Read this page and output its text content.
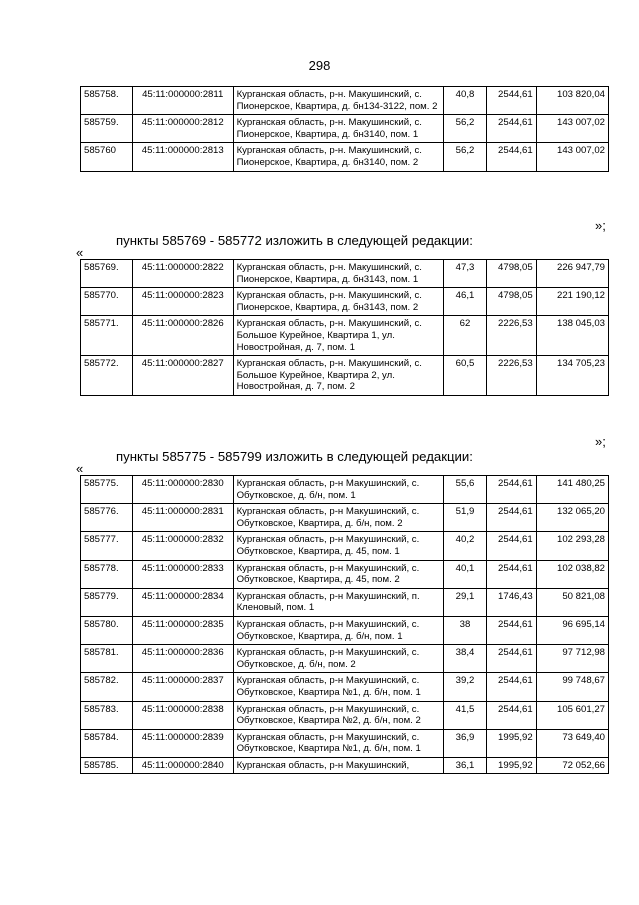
298
585758.	45:11:000000:2811	Курганская область, р-н. Макушинский, с. Пионерское, Квартира, д. бн134-3122, пом. 2	40,8	2544,61	103 820,04
585759.	45:11:000000:2812	Курганская область, р-н. Макушинский, с. Пионерское, Квартира, д. бн3140, пом. 1	56,2	2544,61	143 007,02
585760	45:11:000000:2813	Курганская область, р-н. Макушинский, с. Пионерское, Квартира, д. бн3140, пом. 2	56,2	2544,61	143 007,02
»;
пункты 585769 - 585772 изложить в следующей редакции:
«
585769.	45:11:000000:2822	Курганская область, р-н. Макушинский, с. Пионерское, Квартира, д. бн3143, пом. 1	47,3	4798,05	226 947,79
585770.	45:11:000000:2823	Курганская область, р-н. Макушинский, с. Пионерское, Квартира, д. бн3143, пом. 2	46,1	4798,05	221 190,12
585771.	45:11:000000:2826	Курганская область, р-н. Макушинский, с. Большое Курейное, Квартира 1, ул. Новостройная, д. 7, пом. 1	62	2226,53	138 045,03
585772.	45:11:000000:2827	Курганская область, р-н. Макушинский, с. Большое Курейное, Квартира 2, ул. Новостройная, д. 7, пом. 2	60,5	2226,53	134 705,23
»;
пункты 585775 - 585799 изложить в следующей редакции:
«
585775.	45:11:000000:2830	Курганская область, р-н Макушинский, с. Обутковское, д. б/н, пом. 1	55,6	2544,61	141 480,25
585776.	45:11:000000:2831	Курганская область, р-н Макушинский, с. Обутковское, Квартира, д. б/н, пом. 2	51,9	2544,61	132 065,20
585777.	45:11:000000:2832	Курганская область, р-н Макушинский, с. Обутковское, Квартира, д. 45, пом. 1	40,2	2544,61	102 293,28
585778.	45:11:000000:2833	Курганская область, р-н Макушинский, с. Обутковское, Квартира, д. 45, пом. 2	40,1	2544,61	102 038,82
585779.	45:11:000000:2834	Курганская область, р-н Макушинский, п. Кленовый, пом. 1	29,1	1746,43	50 821,08
585780.	45:11:000000:2835	Курганская область, р-н Макушинский, с. Обутковское, Квартира, д. б/н, пом. 1	38	2544,61	96 695,14
585781.	45:11:000000:2836	Курганская область, р-н Макушинский, с. Обутковское, д. б/н, пом. 2	38,4	2544,61	97 712,98
585782.	45:11:000000:2837	Курганская область, р-н Макушинский, с. Обутковское, Квартира №1, д. б/н, пом. 1	39,2	2544,61	99 748,67
585783.	45:11:000000:2838	Курганская область, р-н Макушинский, с. Обутковское, Квартира №2, д. б/н, пом. 2	41,5	2544,61	105 601,27
585784.	45:11:000000:2839	Курганская область, р-н Макушинский, с. Обутковское, Квартира №1, д. б/н, пом. 1	36,9	1995,92	73 649,40
585785.	45:11:000000:2840	Курганская область, р-н Макушинский,	36,1	1995,92	72 052,66
